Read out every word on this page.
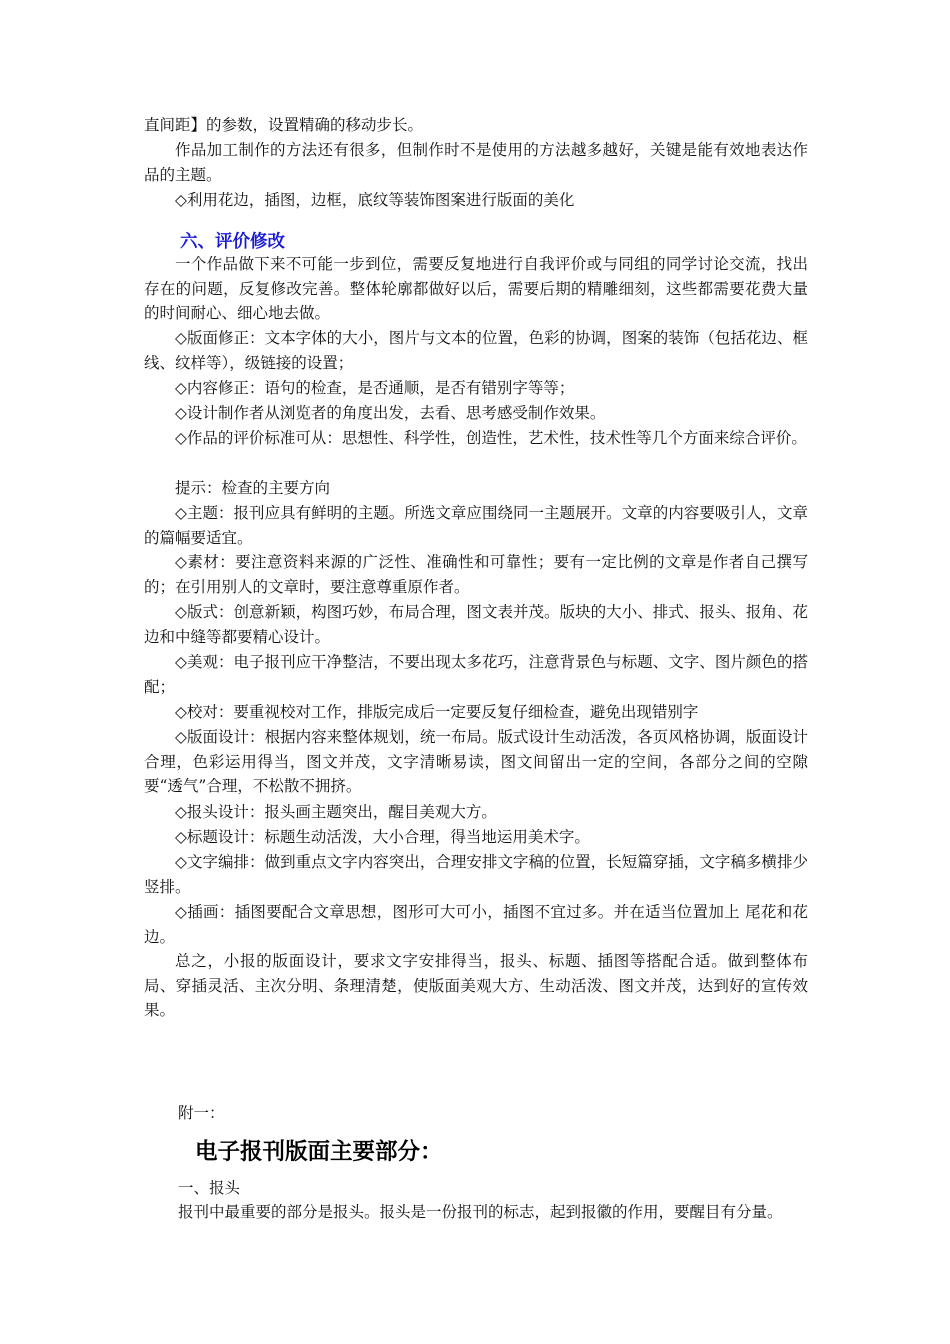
直间距】的参数，设置精确的移动步长。

作品加工制作的方法还有很多，但制作时不是使用的方法越多越好，关键是能有效地表达作品的主题。

◇利用花边，插图，边框，底纹等装饰图案进行版面的美化

六、评价修改

一个作品做下来不可能一步到位，需要反复地进行自我评价或与同组的同学讨论交流，找出存在的问题，反复修改完善。整体轮廓都做好以后，需要后期的精雕细刻，这些都需要花费大量的时间耐心、细心地去做。

◇版面修正：文本字体的大小，图片与文本的位置，色彩的协调，图案的装饰（包括花边、框线、纹样等），级链接的设置；

◇内容修正：语句的检查，是否通顺，是否有错别字等等；

◇设计制作者从浏览者的角度出发，去看、思考感受制作效果。

◇作品的评价标准可从：思想性、科学性，创造性，艺术性，技术性等几个方面来综合评价。

提示：检查的主要方向

◇主题：报刊应具有鲜明的主题。所选文章应围绕同一主题展开。文章的内容要吸引人，文章的篇幅要适宜。

◇素材：要注意资料来源的广泛性、准确性和可靠性；要有一定比例的文章是作者自己撰写的；在引用别人的文章时，要注意尊重原作者。

◇版式：创意新颖，构图巧妙，布局合理，图文表并茂。版块的大小、排式、报头、报角、花边和中缝等都要精心设计。

◇美观：电子报刊应干净整洁，不要出现太多花巧，注意背景色与标题、文字、图片颜色的搭配；

◇校对：要重视校对工作，排版完成后一定要反复仔细检查，避免出现错别字

◇版面设计：根据内容来整体规划，统一布局。版式设计生动活泼，各页风格协调，版面设计合理，色彩运用得当，图文并茂，文字清晰易读，图文间留出一定的空间，各部分之间的空隙要“透气”合理，不松散不拥挤。

◇报头设计：报头画主题突出，醒目美观大方。

◇标题设计：标题生动活泼，大小合理，得当地运用美术字。

◇文字编排：做到重点文字内容突出，合理安排文字稿的位置，长短篇穿插，文字稿多横排少竖排。

◇插画：插图要配合文章思想，图形可大可小，插图不宜过多。并在适当位置加上 尾花和花边。

总之，小报的版面设计，要求文字安排得当，报头、标题、插图等搭配合适。做到整体布局、穿插灵活、主次分明、条理清楚，使版面美观大方、生动活泼、图文并茂，达到好的宣传效果。

附一：

电子报刊版面主要部分：

一、报头

报刊中最重要的部分是报头。报头是一份报刊的标志，起到报徽的作用，要醒目有分量。
